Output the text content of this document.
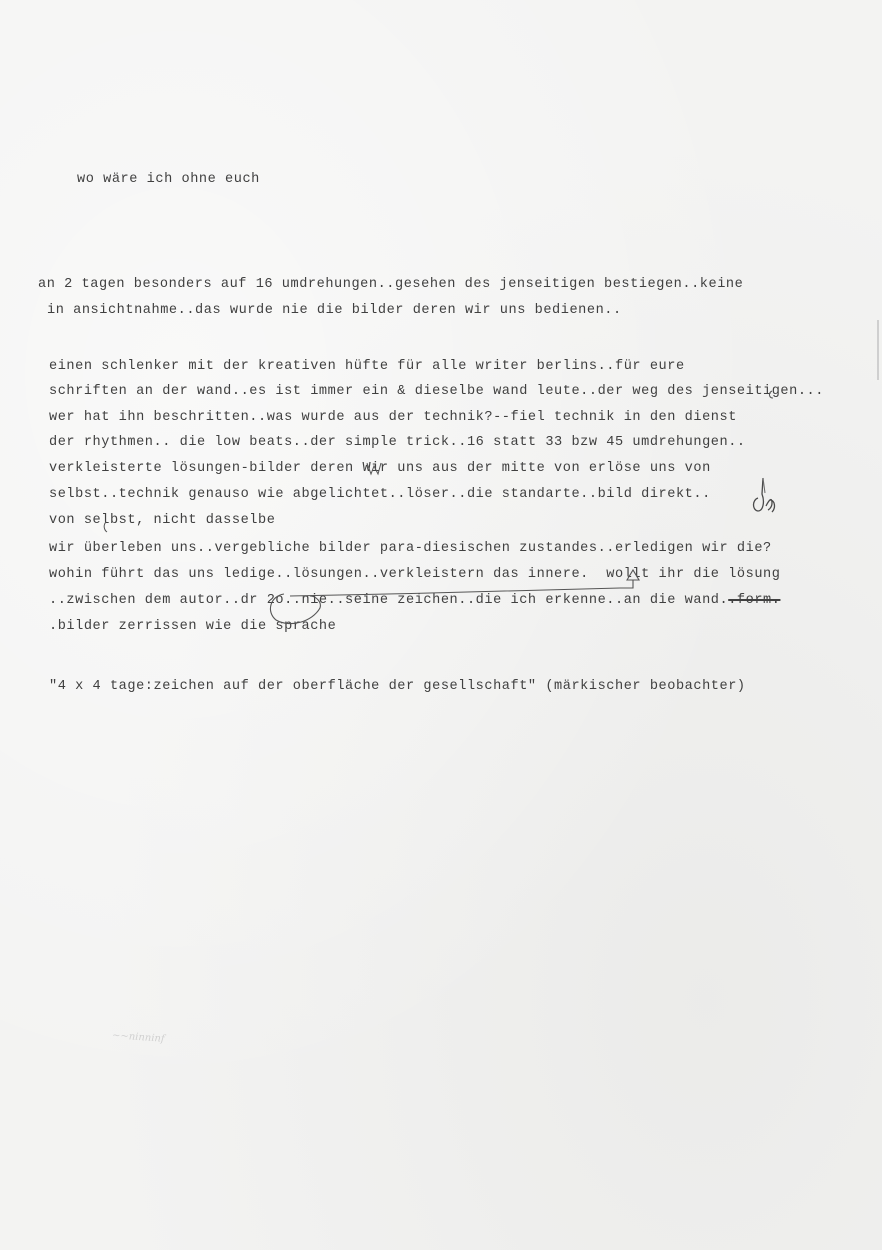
wo wäre ich ohne euch
an 2 tagen besonders auf 16 umdrehungen..gesehen des jenseitigen bestiegen..keine
in ansichtnahme..das wurde nie die bilder deren wir uns bedienen..
einen schlenker mit der kreativen hüfte für alle writer berlins..für eure
schriften an der wand..es ist immer ein & dieselbe wand leute..der weg des jenseitigen...
wer hat ihn beschritten..was wurde aus der technik?--fiel technik in den dienst
der rhythmen.. die low beats..der simple trick..16 statt 33 bzw 45 umdrehungen..
verkleisterte lösungen-bilder deren Wir uns aus der mitte von erlöse uns von
selbst..technik genauso wie abgelichtet..löser..die standarte..bild direkt..
von selbst, nicht dasselbe
wir überleben uns..vergebliche bilder para-diesischen zustandes..erledigen wir die?
wohin führt das uns ledige..lösungen..verkleistern das innere.  wollt ihr die lösung
..zwischen dem autor..dr 2o..nie..seine zeichen..die ich erkenne..an die wand..form.
.bilder zerrissen wie die sprache
"4 x 4 tage:zeichen auf der oberfläche der gesellschaft" (märkischer beobachter)
~~ninninf
